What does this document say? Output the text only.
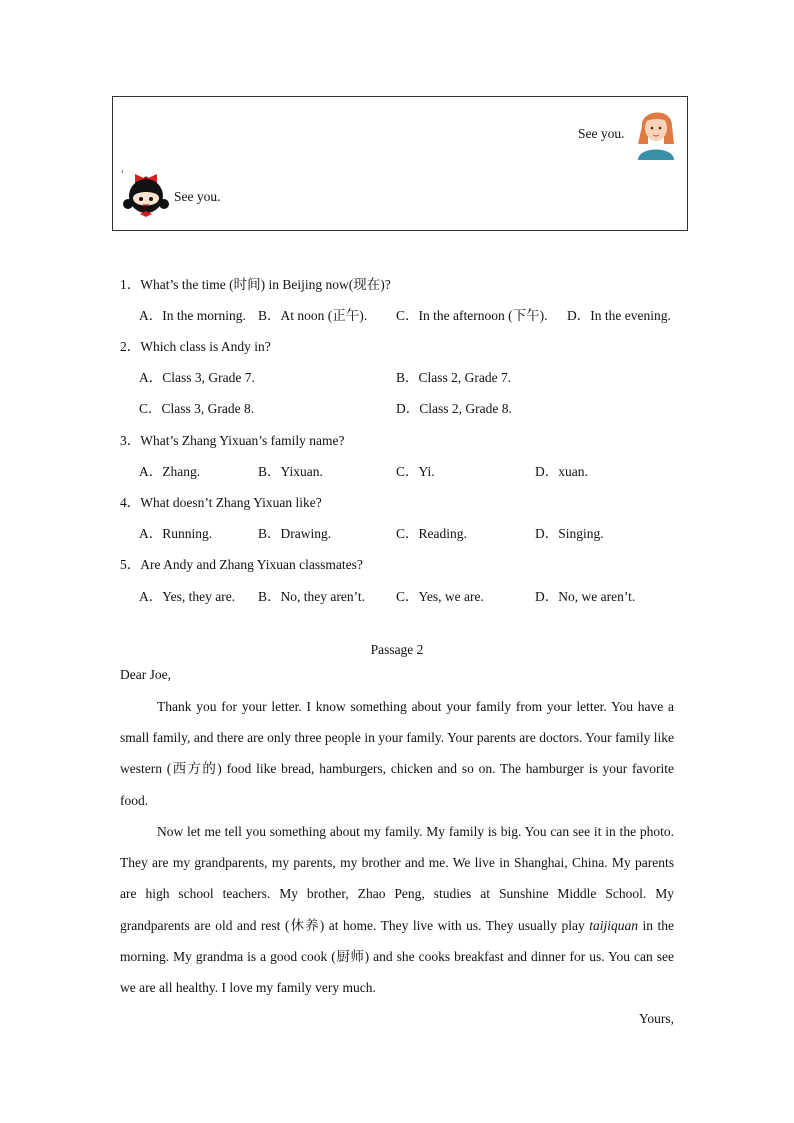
See you.
‹
See you.
1．What’s the time (时间) in Beijing now(现在)?
A．In the morning. B．At noon (正午). C．In the afternoon (下午). D．In the evening.
2．Which class is Andy in?
A．Class 3, Grade 7.	B．Class 2, Grade 7.
C．Class 3, Grade 8.	D．Class 2, Grade 8.
3．What’s Zhang Yixuan’s family name?
A．Zhang.	B．Yixuan.	C．Yi.	D．xuan.
4．What doesn’t Zhang Yixuan like?
A．Running.	B．Drawing.	C．Reading.	D．Singing.
5．Are Andy and Zhang Yixuan classmates?
A．Yes, they are. B．No, they aren’t. C．Yes, we are.	D．No, we aren’t.
Passage 2
Dear Joe,
Thank you for your letter. I know something about your family from your letter. You have a small family, and there are only three people in your family. Your parents are doctors. Your family like western (西方的) food like bread, hamburgers, chicken and so on. The hamburger is your favorite food.
Now let me tell you something about my family. My family is big. You can see it in the photo. They are my grandparents, my parents, my brother and me. We live in Shanghai, China. My parents are high school teachers. My brother, Zhao Peng, studies at Sunshine Middle School. My grandparents are old and rest (休养) at home. They live with us. They usually play taijiquan in the morning. My grandma is a good cook (厨师) and she cooks breakfast and dinner for us. You can see we are all healthy. I love my family very much.
Yours,
